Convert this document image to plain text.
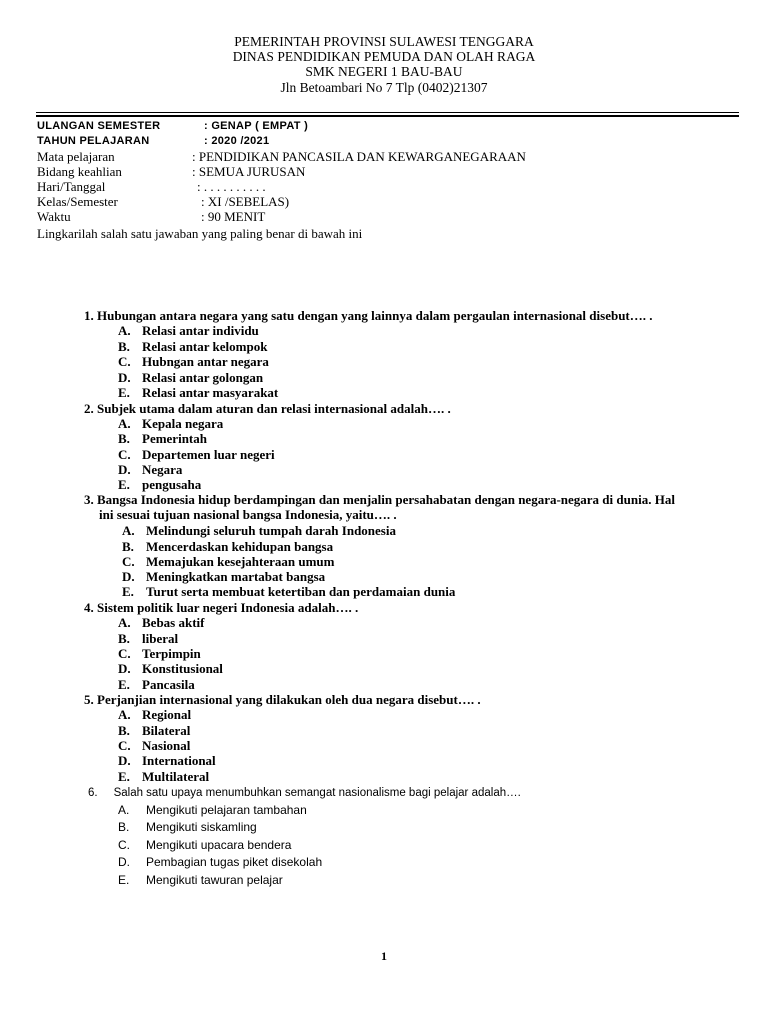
PEMERINTAH PROVINSI SULAWESI TENGGARA
DINAS PENDIDIKAN PEMUDA DAN OLAH RAGA
SMK NEGERI 1 BAU-BAU
Jln Betoambari No 7 Tlp (0402)21307
ULANGAN SEMESTER	: GENAP ( EMPAT )
TAHUN PELAJARAN	: 2020 /2021
Mata pelajaran	: PENDIDIKAN PANCASILA DAN KEWARGANEGARAAN
Bidang keahlian	: SEMUA JURUSAN
Hari/Tanggal	: . . . . . . . . . .
Kelas/Semester	: XI /SEBELAS)
Waktu	: 90 MENIT
Lingkarilah salah satu jawaban yang paling benar di bawah ini
1. Hubungan antara negara yang satu dengan yang lainnya dalam pergaulan internasional disebut…. .
A. Relasi antar individu
B. Relasi antar kelompok
C. Hubngan antar negara
D. Relasi antar golongan
E. Relasi antar masyarakat
2. Subjek utama dalam aturan dan relasi internasional adalah…. .
A. Kepala negara
B. Pemerintah
C. Departemen luar negeri
D. Negara
E. pengusaha
3. Bangsa Indonesia hidup berdampingan dan menjalin persahabatan dengan negara-negara di dunia. Hal
ini sesuai tujuan nasional bangsa Indonesia, yaitu…. .
A. Melindungi seluruh tumpah darah Indonesia
B. Mencerdaskan kehidupan bangsa
C. Memajukan kesejahteraan umum
D. Meningkatkan martabat bangsa
E. Turut serta membuat ketertiban dan perdamaian dunia
4. Sistem politik luar negeri Indonesia adalah…. .
A. Bebas aktif
B. liberal
C. Terpimpin
D. Konstitusional
E. Pancasila
5. Perjanjian internasional yang dilakukan oleh dua negara disebut…. .
A. Regional
B. Bilateral
C. Nasional
D. International
E. Multilateral
6. Salah satu upaya menumbuhkan semangat nasionalisme bagi pelajar adalah….
A. Mengikuti pelajaran tambahan
B. Mengikuti siskamling
C. Mengikuti upacara bendera
D. Pembagian tugas piket disekolah
E. Mengikuti tawuran pelajar
1
